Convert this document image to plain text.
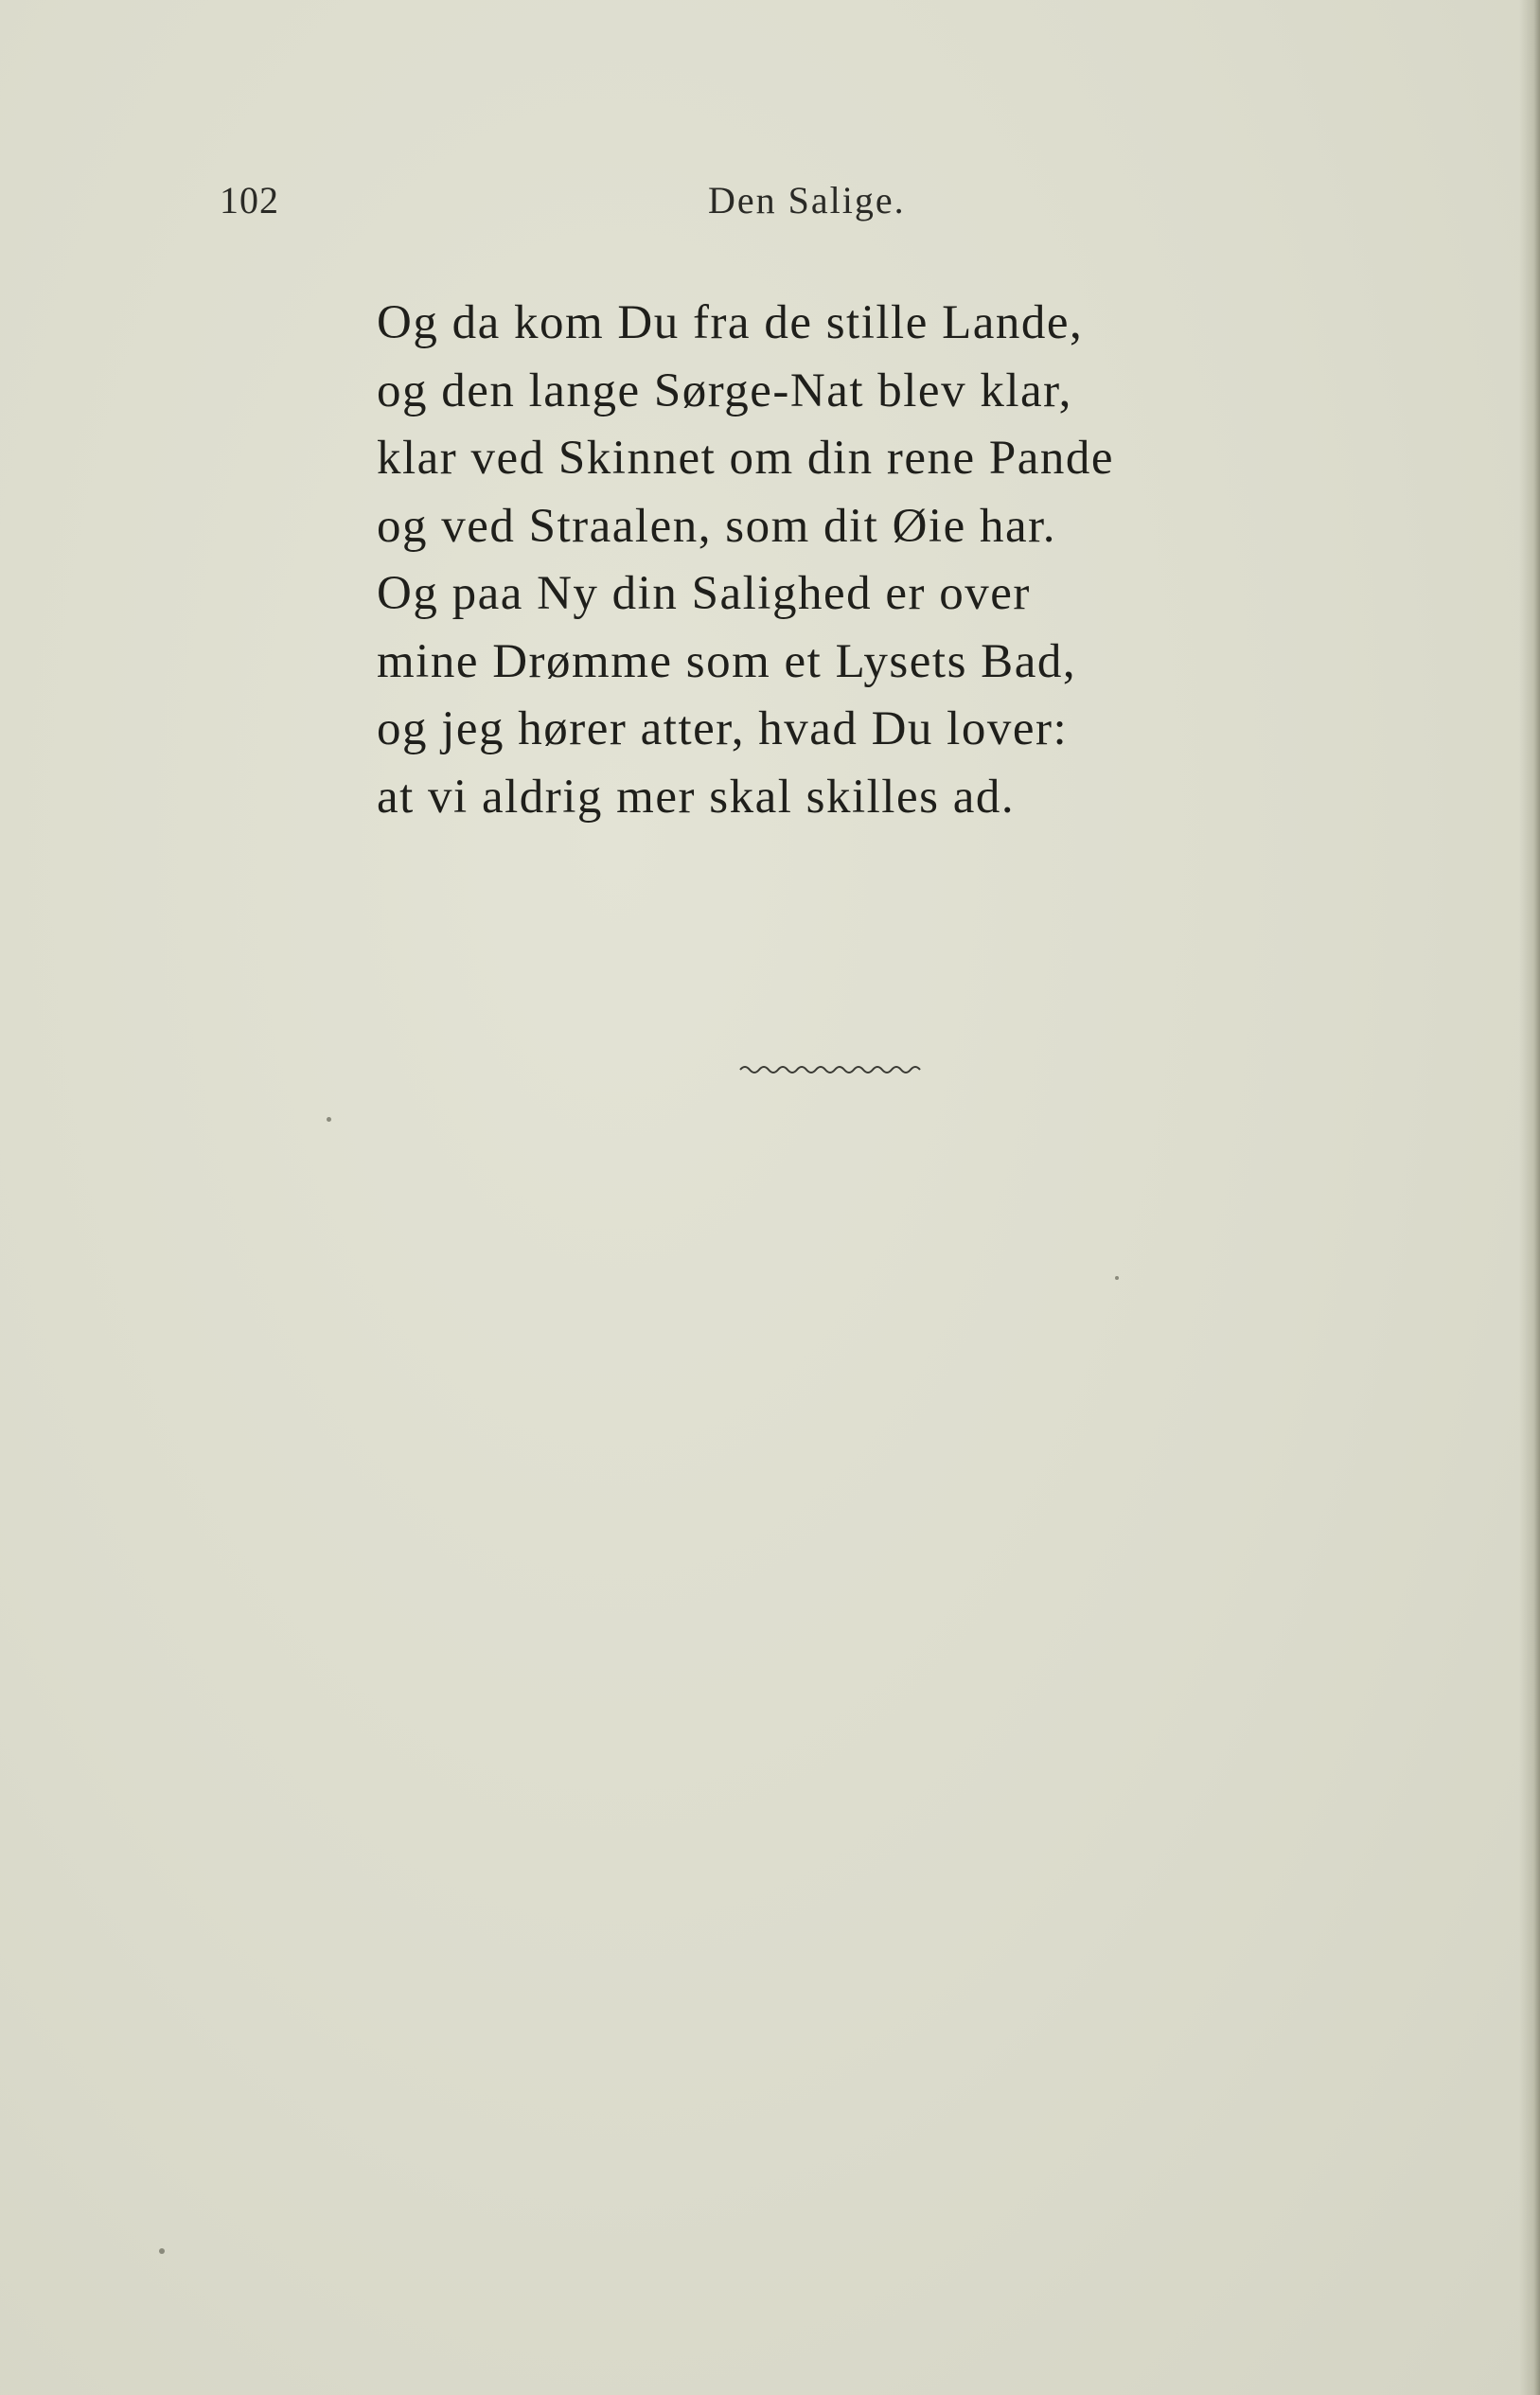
102	Den Salige.
Og da kom Du fra de stille Lande,
og den lange Sørge-Nat blev klar,
klar ved Skinnet om din rene Pande
og ved Straalen, som dit Øie har.
Og paa Ny din Salighed er over
mine Drømme som et Lysets Bad,
og jeg hører atter, hvad Du lover:
at vi aldrig mer skal skilles ad.
